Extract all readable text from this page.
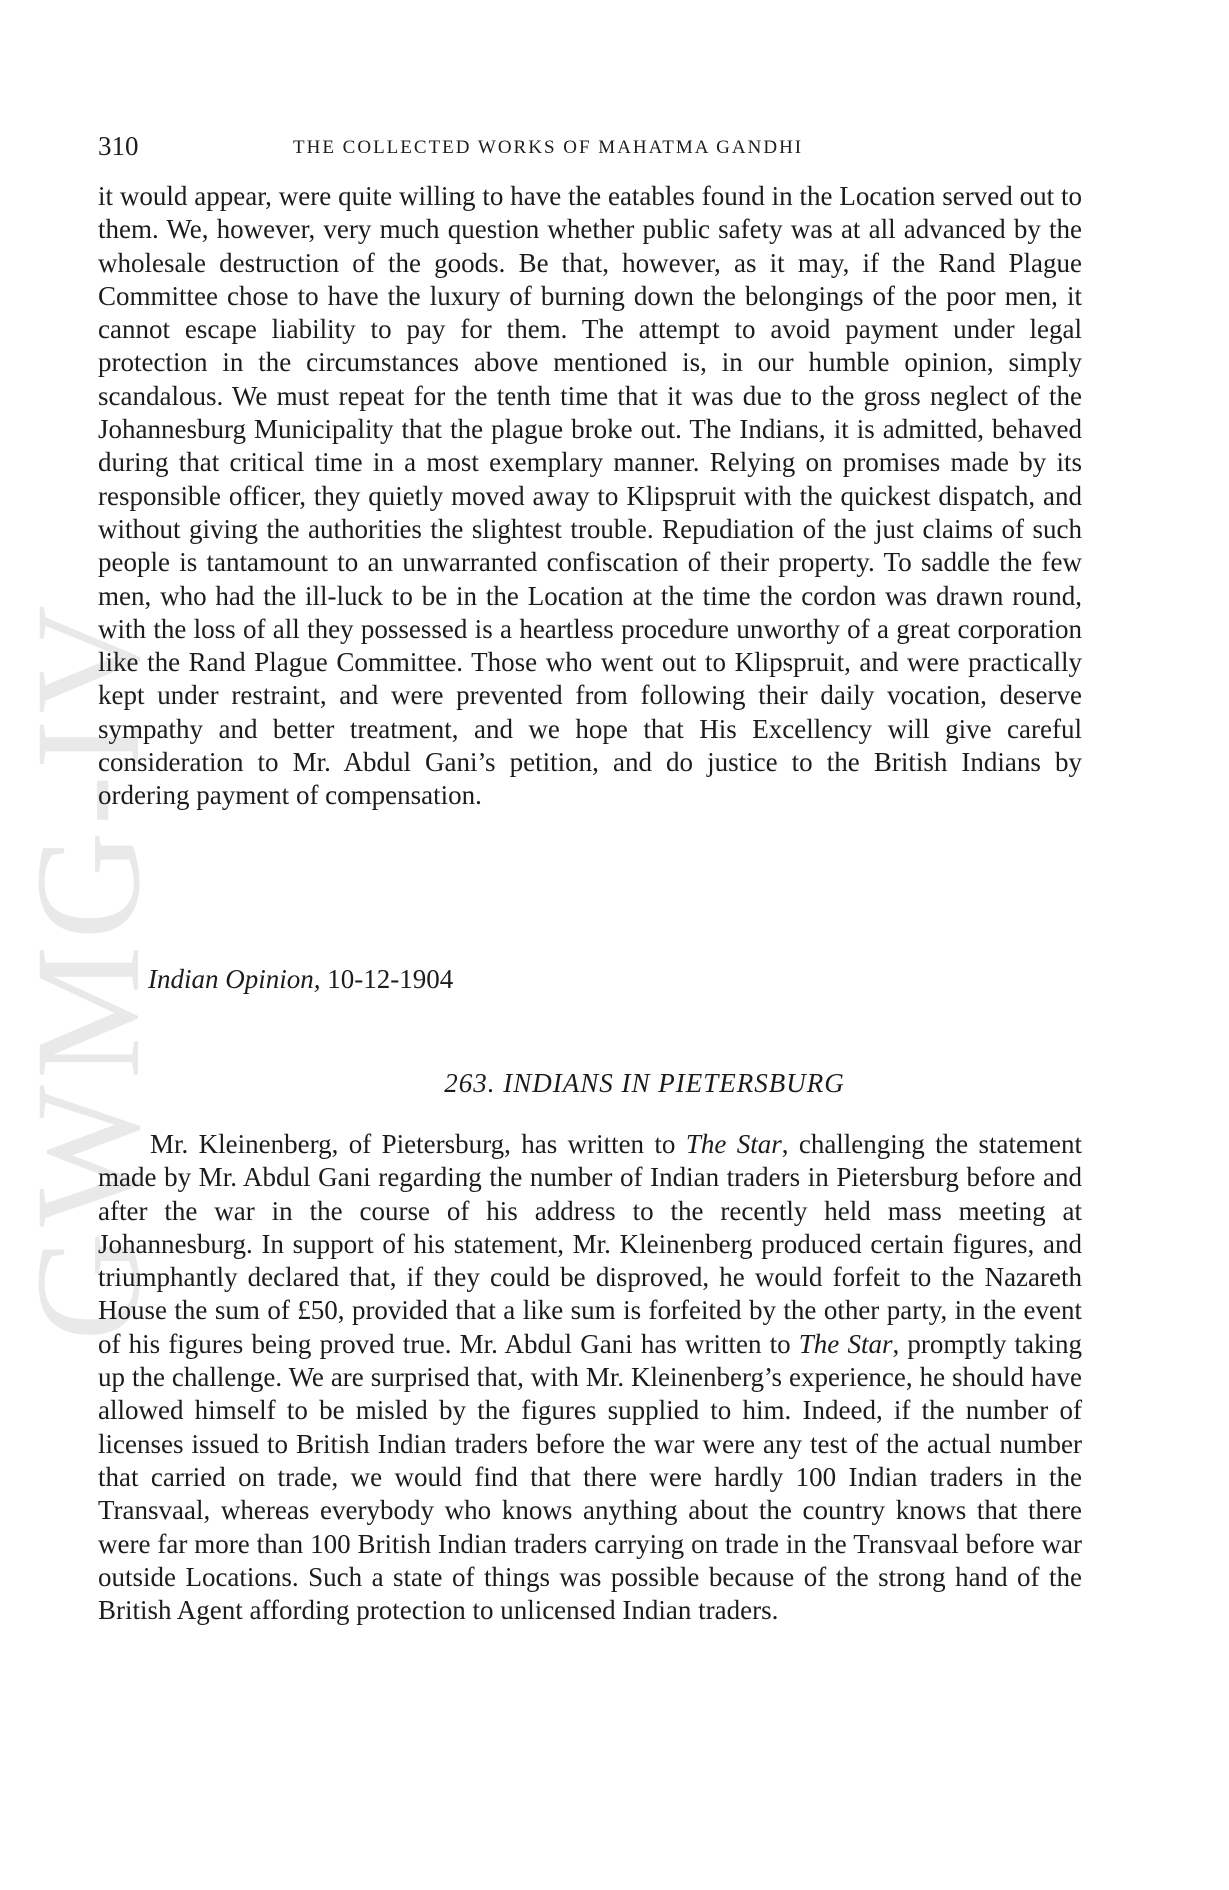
GWMG-IV
310	THE COLLECTED WORKS OF MAHATMA GANDHI

it would appear, were quite willing to have the eatables found in the Location served out to them. We, however, very much question whether public safety was at all advanced by the wholesale destruction of the goods. Be that, however, as it may, if the Rand Plague Committee chose to have the luxury of burning down the belongings of the poor men, it cannot escape liability to pay for them. The attempt to avoid payment under legal protection in the circumstances above mentioned is, in our humble opinion, simply scandalous. We must repeat for the tenth time that it was due to the gross neglect of the Johannesburg Municipality that the plague broke out. The Indians, it is admitted, behaved during that critical time in a most exemplary manner. Relying on promises made by its responsible officer, they quietly moved away to Klipspruit with the quickest dispatch, and without giving the authorities the slightest trouble. Repudiation of the just claims of such people is tantamount to an unwarranted confiscation of their property. To saddle the few men, who had the ill-luck to be in the Location at the time the cordon was drawn round, with the loss of all they possessed is a heartless procedure unworthy of a great corporation like the Rand Plague Committee. Those who went out to Klipspruit, and were practically kept under restraint, and were prevented from following their daily vocation, deserve sympathy and better treatment, and we hope that His Excellency will give careful consideration to Mr. Abdul Gani’s petition, and do justice to the British Indians by ordering payment of compensation.

Indian Opinion, 10-12-1904
263. INDIANS IN PIETERSBURG

Mr. Kleinenberg, of Pietersburg, has written to The Star, challenging the statement made by Mr. Abdul Gani regarding the number of Indian traders in Pietersburg before and after the war in the course of his address to the recently held mass meeting at Johannesburg. In support of his statement, Mr. Kleinenberg produced certain figures, and triumphantly declared that, if they could be disproved, he would forfeit to the Nazareth House the sum of £50, provided that a like sum is forfeited by the other party, in the event of his figures being proved true. Mr. Abdul Gani has written to The Star, promptly taking up the challenge. We are surprised that, with Mr. Kleinenberg’s experience, he should have allowed himself to be misled by the figures supplied to him. Indeed, if the number of licenses issued to British Indian traders before the war were any test of the actual number that carried on trade, we would find that there were hardly 100 Indian traders in the Transvaal, whereas everybody who knows anything about the country knows that there were far more than 100 British Indian traders carrying on trade in the Transvaal before war outside Locations. Such a state of things was possible because of the strong hand of the British Agent affording protection to unlicensed Indian traders.
